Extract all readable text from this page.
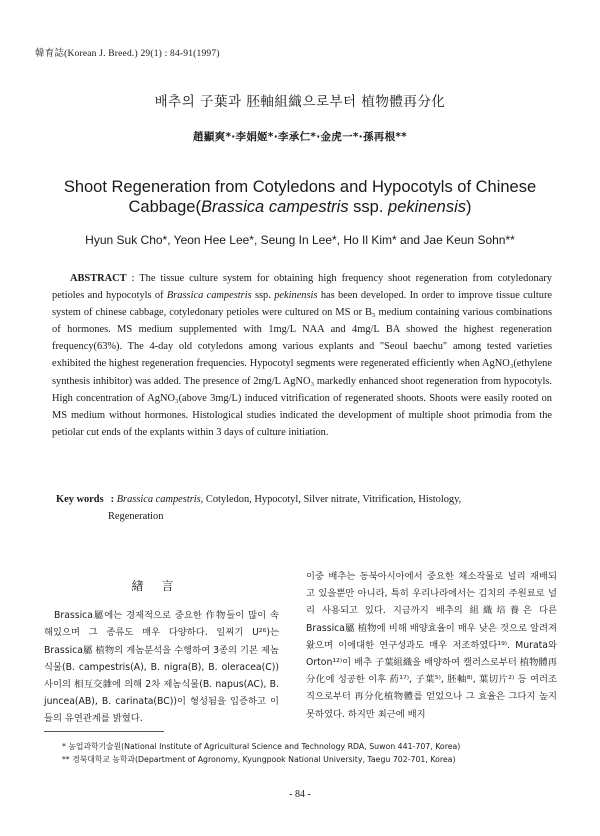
韓育誌(Korean J. Breed.) 29(1) : 84-91(1997)
배추의 子葉과 胚軸組織으로부터 植物體再分化
趙顯爽*·李娟姬*·李承仁*·金虎一*·孫再根**
Shoot Regeneration from Cotyledons and Hypocotyls of Chinese
Cabbage(Brassica campestris ssp. pekinensis)
Hyun Suk Cho*, Yeon Hee Lee*, Seung In Lee*, Ho Il Kim* and Jae Keun Sohn**
ABSTRACT : The tissue culture system for obtaining high frequency shoot regeneration from cotyledonary petioles and hypocotyls of Brassica campestris ssp. pekinensis has been developed. In order to improve tissue culture system of chinese cabbage, cotyledonary petioles were cultured on MS or B₅ medium containing various combinations of hormones. MS medium supplemented with 1mg/L NAA and 4mg/L BA showed the highest regeneration frequency(63%). The 4-day old cotyledons among various explants and "Seoul baechu" among tested varieties exhibited the highest regeneration frequencies. Hypocotyl segments were regenerated efficiently when AgNO₃(ethylene synthesis inhibitor) was added. The presence of 2mg/L AgNO₃ markedly enhanced shoot regeneration from hypocotyls. High concentration of AgNO₃(above 3mg/L) induced vitrification of regenerated shoots. Shoots were easily rooted on MS medium without hormones. Histological studies indicated the development of multiple shoot primodia from the petiolar cut ends of the explants within 3 days of culture initiation.
Key words : Brassica campestris, Cotyledon, Hypocotyl, Silver nitrate, Vitrification, Histology,
Regeneration
緖言

Brassica屬에는 경제적으로 중요한 作物들이 많이 속해있으며 그 종류도 매우 다양하다. 일찌기 U²⁶)는 Brassica屬 植物의 게놈분석을 수행하여 3종의 기본 제놈식물(B. campestris(A), B. nigra(B), B. oleracea(C))사이의 相互交雜에 의해 2차 제놈식물(B. napus(AC), B. juncea(AB), B. carinata(BC))이 형성됨을 입증하고 이들의 유연관계를 밝혔다.

이중 배추는 동북아시아에서 중요한 채소작물로 널리 재배되고 있을뿐만 아니라, 특히 우리나라에서는 김치의 주원료로 널리 사용되고 있다. 지금까지 배추의 組織培養은 다른 Brassica屬 植物에 비해 배양효율이 매우 낮은 것으로 알려져 왔으며 이에대한 연구성과도 매우 저조하였다¹⁹⁾. Murata와 Orton¹²⁾이 배추 子葉組織을 배양하여 캘러스로부터 植物體再分化에 성공한 이후 葯¹⁷⁾, 子葉⁵⁾, 胚軸⁸⁾, 葉切片²⁾ 등 여러조직으로부터 再分化植物體를 얻었으나 그 효율은 그다지 높지 못하였다. 하지만 최근에 배지

* 농업과학기술원(National Institute of Agricultural Science and Technology RDA, Suwon 441-707, Korea)
** 경북대학교 농학과(Department of Agronomy, Kyungpook National University, Taegu 702-701, Korea)
- 84 -
